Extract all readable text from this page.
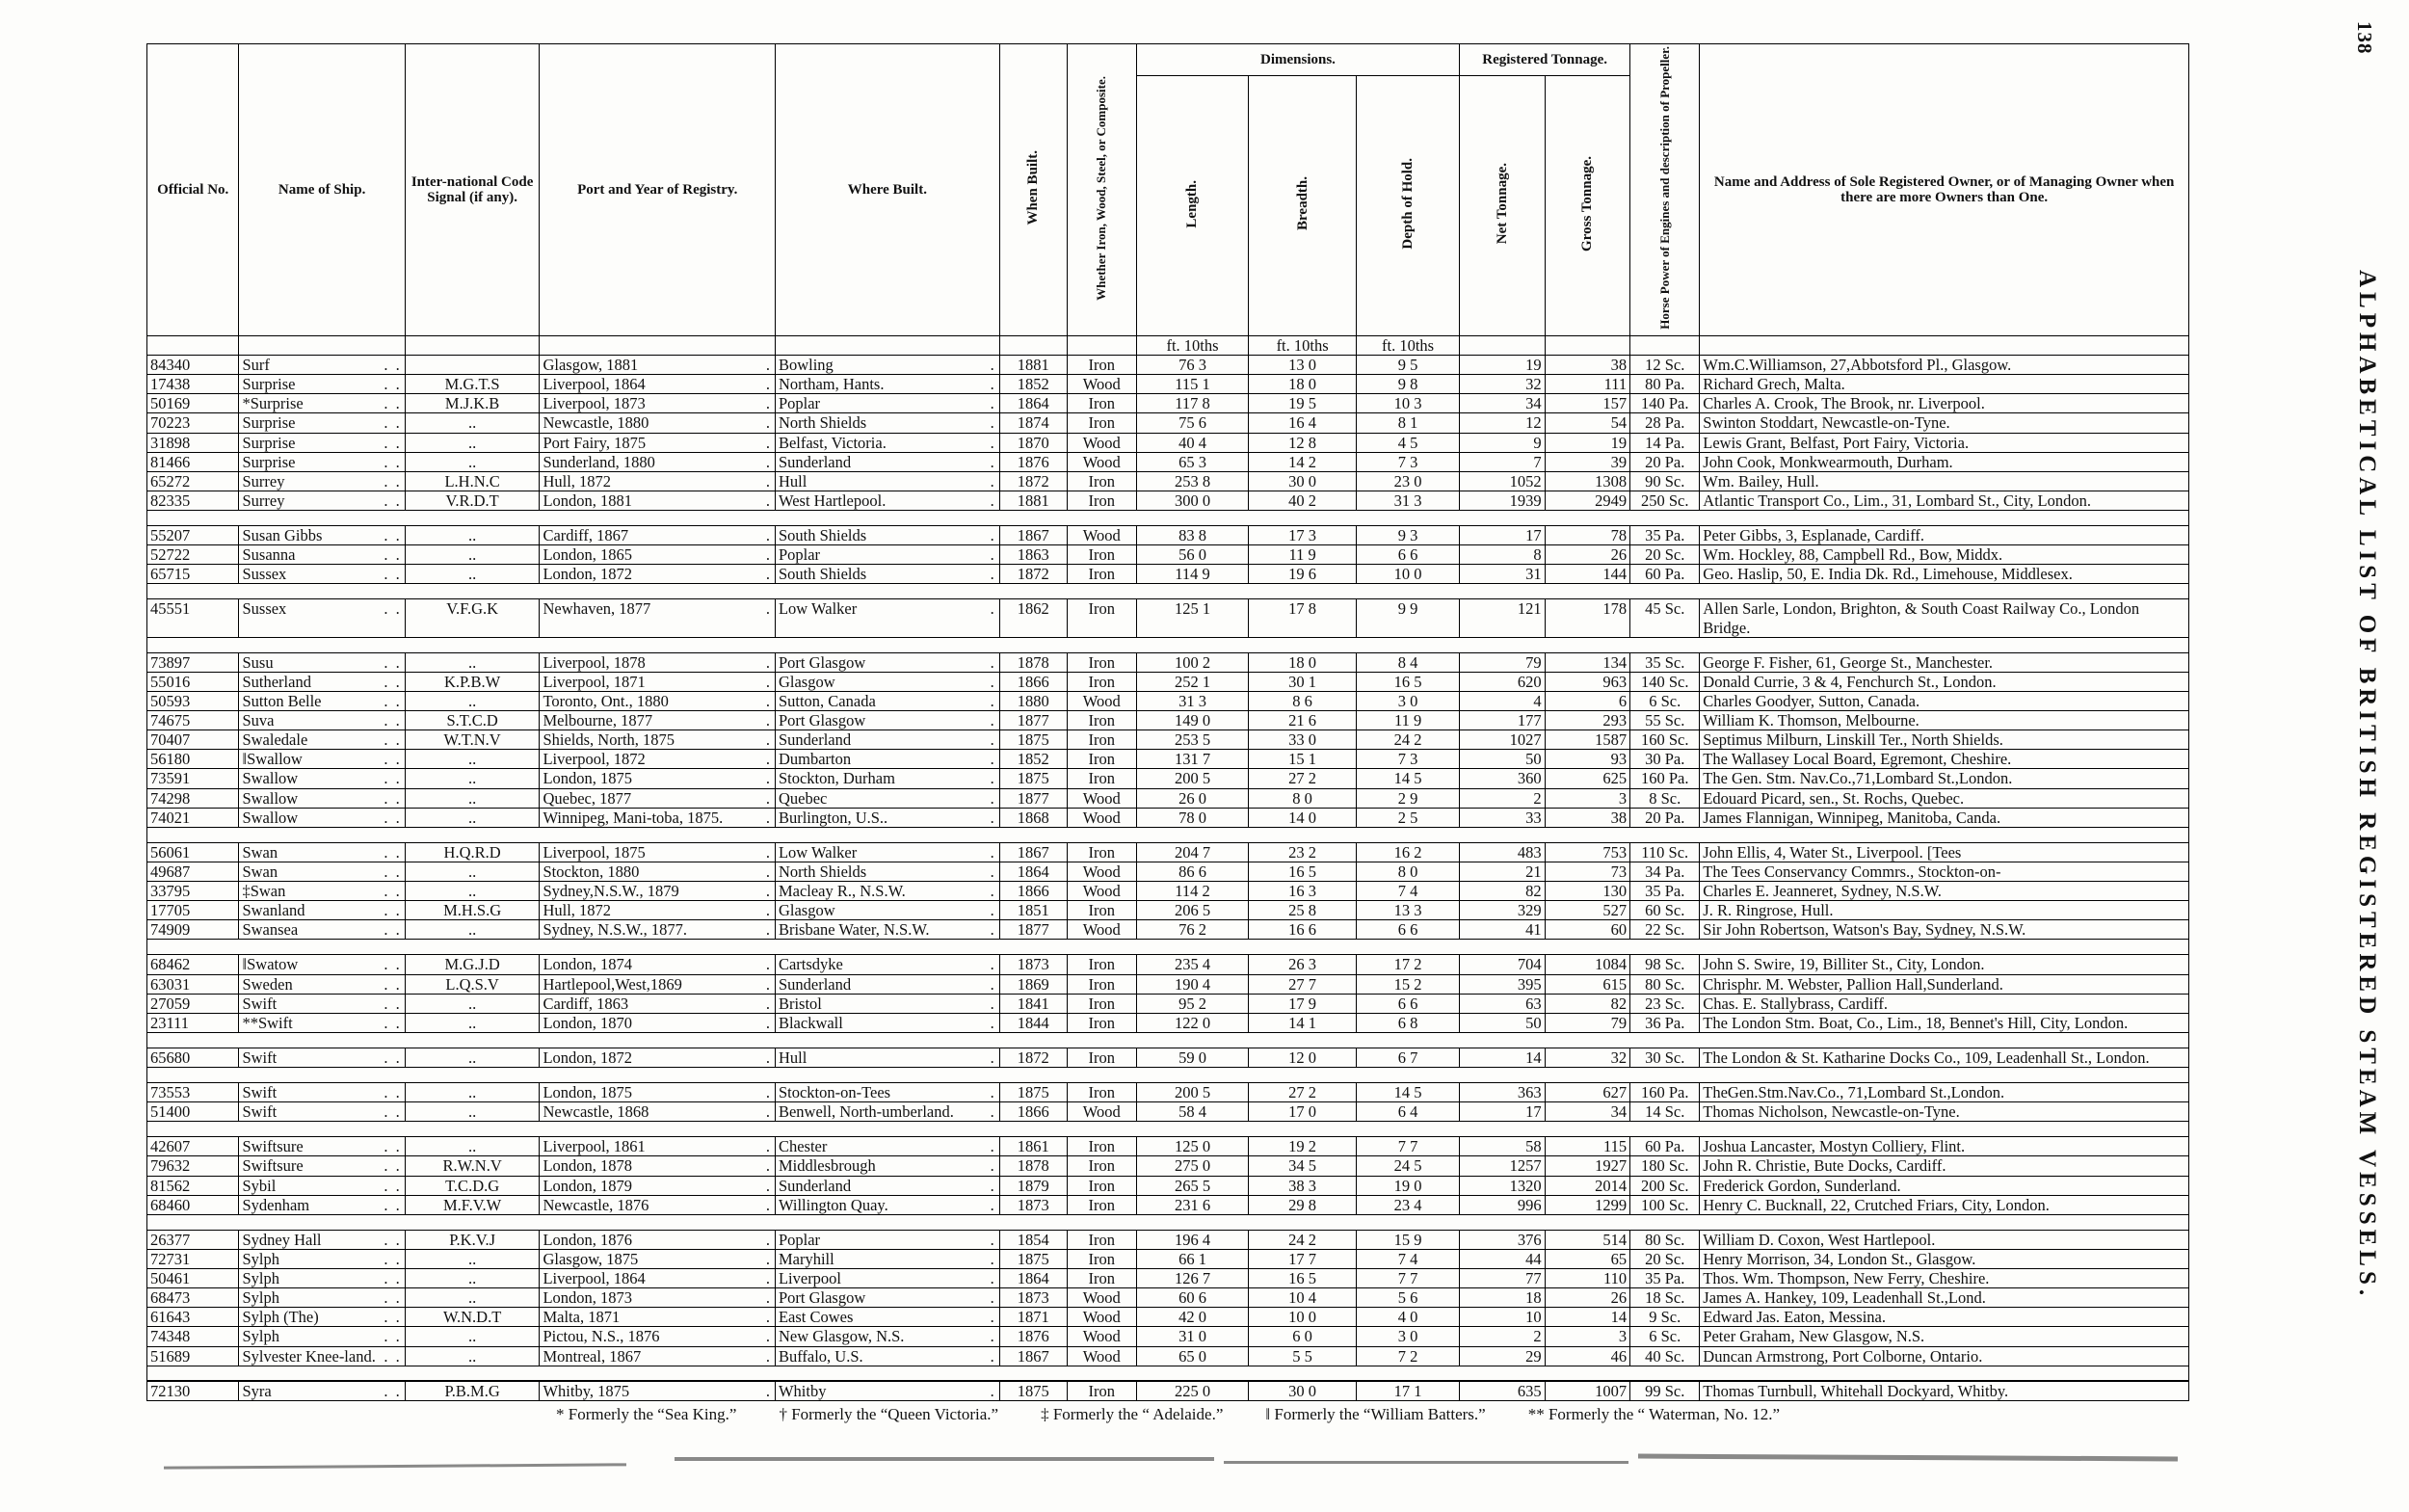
138
ALPHABETICAL LIST OF BRITISH REGISTERED STEAM VESSELS.
Official No.	Name of Ship.	Inter-national Code Signal (if any).	Port and Year of Registry.	Where Built.	When Built.	Whether Iron, Wood, Steel, or Composite.	Dimensions.			Registered Tonnage.		Horse Power of Engines and description of Propeller.	Name and Address of Sole Registered Owner, or of Managing Owner when there are more Owners than One.
							Length.	Breadth.	Depth of Hold.	Net Tonnage.	Gross Tonnage.		

							ft. 10ths	ft. 10ths	ft. 10ths				
84340	Surf . .		Glasgow, 1881 .	Bowling .	1881	Iron	76 3	13 0	9 5	19	38	12 Sc.	Wm.C.Williamson, 27,Abbotsford Pl., Glasgow.
17438	Surprise . .	M.G.T.S	Liverpool, 1864 .	Northam, Hants. .	1852	Wood	115 1	18 0	9 8	32	111	80 Pa.	Richard Grech, Malta.
50169	*Surprise . .	M.J.K.B	Liverpool, 1873 .	Poplar .	1864	Iron	117 8	19 5	10 3	34	157	140 Pa.	Charles A. Crook, The Brook, nr. Liverpool.
70223	Surprise . .	..	Newcastle, 1880 .	North Shields .	1874	Iron	75 6	16 4	8 1	12	54	28 Pa.	Swinton Stoddart, Newcastle-on-Tyne.
31898	Surprise . .	..	Port Fairy, 1875 .	Belfast, Victoria. .	1870	Wood	40 4	12 8	4 5	9	19	14 Pa.	Lewis Grant, Belfast, Port Fairy, Victoria.
81466	Surprise . .	..	Sunderland, 1880 .	Sunderland .	1876	Wood	65 3	14 2	7 3	7	39	20 Pa.	John Cook, Monkwearmouth, Durham.
65272	Surrey . .	L.H.N.C	Hull, 1872 .	Hull .	1872	Iron	253 8	30 0	23 0	1052	1308	90 Sc.	Wm. Bailey, Hull.
82335	Surrey . .	V.R.D.T	London, 1881 .	West Hartlepool. .	1881	Iron	300 0	40 2	31 3	1939	2949	250 Sc.	Atlantic Transport Co., Lim., 31, Lombard St., City, London.

55207	Susan Gibbs . .	..	Cardiff, 1867 .	South Shields .	1867	Wood	83 8	17 3	9 3	17	78	35 Pa.	Peter Gibbs, 3, Esplanade, Cardiff.
52722	Susanna . .	..	London, 1865 .	Poplar .	1863	Iron	56 0	11 9	6 6	8	26	20 Sc.	Wm. Hockley, 88, Campbell Rd., Bow, Middx.
65715	Sussex . .	..	London, 1872 .	South Shields .	1872	Iron	114 9	19 6	10 0	31	144	60 Pa.	Geo. Haslip, 50, E. India Dk. Rd., Limehouse, Middlesex.

45551	Sussex . .	V.F.G.K	Newhaven, 1877 .	Low Walker .	1862	Iron	125 1	17 8	9 9	121	178	45 Sc.	Allen Sarle, London, Brighton, & South Coast Railway Co., London Bridge.

73897	Susu . .	..	Liverpool, 1878 .	Port Glasgow .	1878	Iron	100 2	18 0	8 4	79	134	35 Sc.	George F. Fisher, 61, George St., Manchester.
55016	Sutherland . .	K.P.B.W	Liverpool, 1871 .	Glasgow .	1866	Iron	252 1	30 1	16 5	620	963	140 Sc.	Donald Currie, 3 & 4, Fenchurch St., London.
50593	Sutton Belle . .	..	Toronto, Ont., 1880 .	Sutton, Canada .	1880	Wood	31 3	8 6	3 0	4	6	6 Sc.	Charles Goodyer, Sutton, Canada.
74675	Suva . .	S.T.C.D	Melbourne, 1877 .	Port Glasgow .	1877	Iron	149 0	21 6	11 9	177	293	55 Sc.	William K. Thomson, Melbourne.
70407	Swaledale . .	W.T.N.V	Shields, North, 1875 .	Sunderland .	1875	Iron	253 5	33 0	24 2	1027	1587	160 Sc.	Septimus Milburn, Linskill Ter., North Shields.
56180	‖Swallow . .	..	Liverpool, 1872 .	Dumbarton .	1852	Iron	131 7	15 1	7 3	50	93	30 Pa.	The Wallasey Local Board, Egremont, Cheshire.
73591	Swallow . .	..	London, 1875 .	Stockton, Durham .	1875	Iron	200 5	27 2	14 5	360	625	160 Pa.	The Gen. Stm. Nav.Co.,71,Lombard St.,London.
74298	Swallow . .	..	Quebec, 1877 .	Quebec .	1877	Wood	26 0	8 0	2 9	2	3	8 Sc.	Edouard Picard, sen., St. Rochs, Quebec.
74021	Swallow . .	..	Winnipeg, Mani-toba, 1875. .	Burlington, U.S.. .	1868	Wood	78 0	14 0	2 5	33	38	20 Pa.	James Flannigan, Winnipeg, Manitoba, Canda.

56061	Swan . .	H.Q.R.D	Liverpool, 1875 .	Low Walker .	1867	Iron	204 7	23 2	16 2	483	753	110 Sc.	John Ellis, 4, Water St., Liverpool. [Tees
49687	Swan . .	..	Stockton, 1880 .	North Shields .	1864	Wood	86 6	16 5	8 0	21	73	34 Pa.	The Tees Conservancy Commrs., Stockton-on-
33795	‡Swan . .	..	Sydney,N.S.W., 1879 .	Macleay R., N.S.W. .	1866	Wood	114 2	16 3	7 4	82	130	35 Pa.	Charles E. Jeanneret, Sydney, N.S.W.
17705	Swanland . .	M.H.S.G	Hull, 1872 .	Glasgow .	1851	Iron	206 5	25 8	13 3	329	527	60 Sc.	J. R. Ringrose, Hull.
74909	Swansea . .	..	Sydney, N.S.W., 1877. .	Brisbane Water, N.S.W. .	1877	Wood	76 2	16 6	6 6	41	60	22 Sc.	Sir John Robertson, Watson's Bay, Sydney, N.S.W.

68462	‖Swatow . .	M.G.J.D	London, 1874 .	Cartsdyke .	1873	Iron	235 4	26 3	17 2	704	1084	98 Sc.	John S. Swire, 19, Billiter St., City, London.
63031	Sweden . .	L.Q.S.V	Hartlepool,West,1869 .	Sunderland .	1869	Iron	190 4	27 7	15 2	395	615	80 Sc.	Chrisphr. M. Webster, Pallion Hall,Sunderland.
27059	Swift . .	..	Cardiff, 1863 .	Bristol .	1841	Iron	95 2	17 9	6 6	63	82	23 Sc.	Chas. E. Stallybrass, Cardiff.
23111	**Swift . .	..	London, 1870 .	Blackwall .	1844	Iron	122 0	14 1	6 8	50	79	36 Pa.	The London Stm. Boat, Co., Lim., 18, Bennet's Hill, City, London.

65680	Swift . .	..	London, 1872 .	Hull .	1872	Iron	59 0	12 0	6 7	14	32	30 Sc.	The London & St. Katharine Docks Co., 109, Leadenhall St., London.

73553	Swift . .	..	London, 1875 .	Stockton-on-Tees .	1875	Iron	200 5	27 2	14 5	363	627	160 Pa.	TheGen.Stm.Nav.Co., 71,Lombard St.,London.
51400	Swift . .	..	Newcastle, 1868 .	Benwell, North-umberland. .	1866	Wood	58 4	17 0	6 4	17	34	14 Sc.	Thomas Nicholson, Newcastle-on-Tyne.

42607	Swiftsure . .	..	Liverpool, 1861 .	Chester .	1861	Iron	125 0	19 2	7 7	58	115	60 Pa.	Joshua Lancaster, Mostyn Colliery, Flint.
79632	Swiftsure . .	R.W.N.V	London, 1878 .	Middlesbrough .	1878	Iron	275 0	34 5	24 5	1257	1927	180 Sc.	John R. Christie, Bute Docks, Cardiff.
81562	Sybil . .	T.C.D.G	London, 1879 .	Sunderland .	1879	Iron	265 5	38 3	19 0	1320	2014	200 Sc.	Frederick Gordon, Sunderland.
68460	Sydenham . .	M.F.V.W	Newcastle, 1876 .	Willington Quay. .	1873	Iron	231 6	29 8	23 4	996	1299	100 Sc.	Henry C. Bucknall, 22, Crutched Friars, City, London.

26377	Sydney Hall . .	P.K.V.J	London, 1876 .	Poplar .	1854	Iron	196 4	24 2	15 9	376	514	80 Sc.	William D. Coxon, West Hartlepool.
72731	Sylph . .	..	Glasgow, 1875 .	Maryhill .	1875	Iron	66 1	17 7	7 4	44	65	20 Sc.	Henry Morrison, 34, London St., Glasgow.
50461	Sylph . .	..	Liverpool, 1864 .	Liverpool .	1864	Iron	126 7	16 5	7 7	77	110	35 Pa.	Thos. Wm. Thompson, New Ferry, Cheshire.
68473	Sylph . .	..	London, 1873 .	Port Glasgow .	1873	Wood	60 6	10 4	5 6	18	26	18 Sc.	James A. Hankey, 109, Leadenhall St.,Lond.
61643	Sylph (The) . .	W.N.D.T	Malta, 1871 .	East Cowes .	1871	Wood	42 0	10 0	4 0	10	14	9 Sc.	Edward Jas. Eaton, Messina.
74348	Sylph . .	..	Pictou, N.S., 1876 .	New Glasgow, N.S. .	1876	Wood	31 0	6 0	3 0	2	3	6 Sc.	Peter Graham, New Glasgow, N.S.
51689	Sylvester Knee-land. . .	..	Montreal, 1867 .	Buffalo, U.S. .	1867	Wood	65 0	5 5	7 2	29	46	40 Sc.	Duncan Armstrong, Port Colborne, Ontario.

72130	Syra . .	P.B.M.G	Whitby, 1875 .	Whitby .	1875	Iron	225 0	30 0	17 1	635	1007	99 Sc.	Thomas Turnbull, Whitehall Dockyard, Whitby.
* Formerly the “Sea King.”	† Formerly the “Queen Victoria.”	‡ Formerly the “ Adelaide.”	‖ Formerly the “William Batters.”	** Formerly the “ Waterman, No. 12.”
